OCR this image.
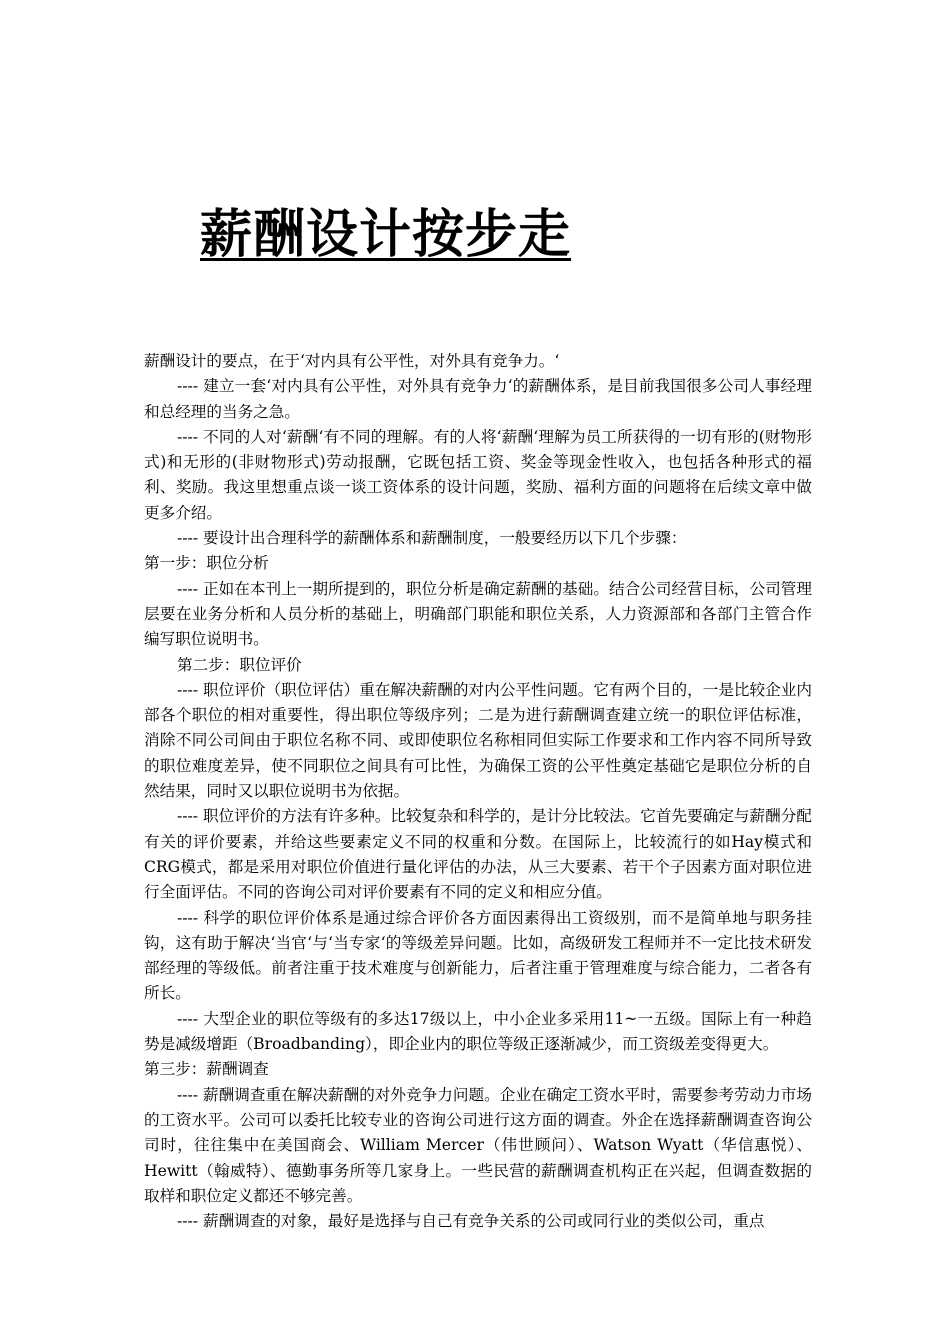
薪酬设计按步走

薪酬设计的要点，在于‘对内具有公平性，对外具有竞争力。‘

---- 建立一套‘对内具有公平性，对外具有竞争力‘的薪酬体系，是目前我国很多公司人事经理和总经理的当务之急。

---- 不同的人对‘薪酬‘有不同的理解。有的人将‘薪酬‘理解为员工所获得的一切有形的(财物形式)和无形的(非财物形式)劳动报酬，它既包括工资、奖金等现金性收入，也包括各种形式的福利、奖励。我这里想重点谈一谈工资体系的设计问题，奖励、福利方面的问题将在后续文章中做更多介绍。

---- 要设计出合理科学的薪酬体系和薪酬制度，一般要经历以下几个步骤：

第一步：职位分析

---- 正如在本刊上一期所提到的，职位分析是确定薪酬的基础。结合公司经营目标，公司管理层要在业务分析和人员分析的基础上，明确部门职能和职位关系，人力资源部和各部门主管合作编写职位说明书。

第二步：职位评价

---- 职位评价（职位评估）重在解决薪酬的对内公平性问题。它有两个目的，一是比较企业内部各个职位的相对重要性，得出职位等级序列；二是为进行薪酬调查建立统一的职位评估标准，消除不同公司间由于职位名称不同、或即使职位名称相同但实际工作要求和工作内容不同所导致的职位难度差异，使不同职位之间具有可比性，为确保工资的公平性奠定基础它是职位分析的自然结果，同时又以职位说明书为依据。

---- 职位评价的方法有许多种。比较复杂和科学的，是计分比较法。它首先要确定与薪酬分配有关的评价要素，并给这些要素定义不同的权重和分数。在国际上，比较流行的如Hay模式和CRG模式，都是采用对职位价值进行量化评估的办法，从三大要素、若干个子因素方面对职位进行全面评估。不同的咨询公司对评价要素有不同的定义和相应分值。

---- 科学的职位评价体系是通过综合评价各方面因素得出工资级别，而不是简单地与职务挂钩，这有助于解决‘当官‘与‘当专家‘的等级差异问题。比如，高级研发工程师并不一定比技术研发部经理的等级低。前者注重于技术难度与创新能力，后者注重于管理难度与综合能力，二者各有所长。

---- 大型企业的职位等级有的多达17级以上，中小企业多采用11~一五级。国际上有一种趋势是减级增距（Broadbanding），即企业内的职位等级正逐渐减少，而工资级差变得更大。

第三步：薪酬调查

---- 薪酬调查重在解决薪酬的对外竞争力问题。企业在确定工资水平时，需要参考劳动力市场的工资水平。公司可以委托比较专业的咨询公司进行这方面的调查。外企在选择薪酬调查咨询公司时，往往集中在美国商会、William Mercer（伟世顾问）、Watson Wyatt（华信惠悦）、Hewitt（翰威特）、德勤事务所等几家身上。一些民营的薪酬调查机构正在兴起，但调查数据的取样和职位定义都还不够完善。

---- 薪酬调查的对象，最好是选择与自己有竞争关系的公司或同行业的类似公司，重点
